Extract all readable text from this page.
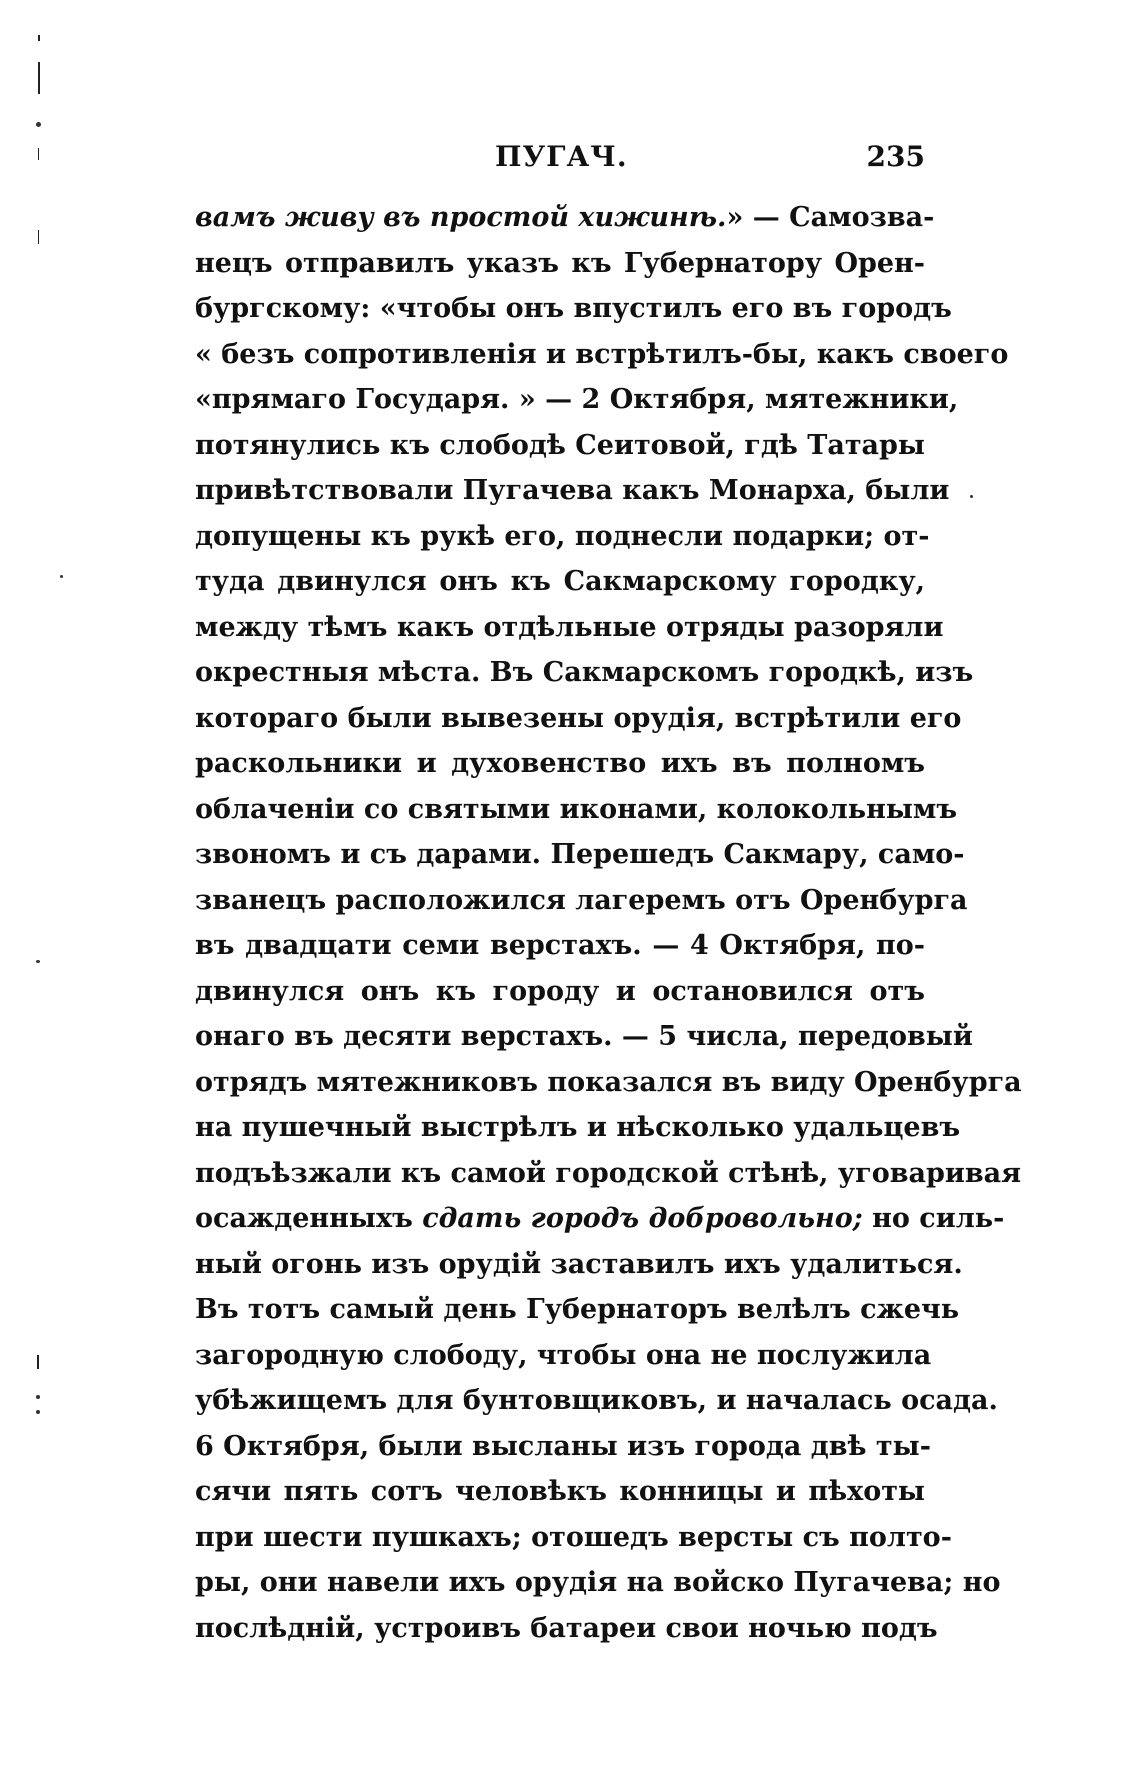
ПУГАЧ.	235
вамъ живу въ простой хижинѣ.» — Самозва-
нецъ отправилъ указъ къ Губернатору Орен-
бургскому: «чтобы онъ впустилъ его въ городъ
« безъ сопротивленія и встрѣтилъ-бы, какъ своего
«прямаго Государя. » — 2 Октября, мятежники,
потянулись къ слободѣ Сеитовой, гдѣ Татары
привѣтствовали Пугачева какъ Монарха, были
допущены къ рукѣ его, поднесли подарки; от-
туда двинулся онъ къ Сакмарскому городку,
между тѣмъ какъ отдѣльные отряды разоряли
окрестныя мѣста. Въ Сакмарскомъ городкѣ, изъ
котораго были вывезены орудія, встрѣтили его
раскольники и духовенство ихъ въ полномъ
облаченіи со святыми иконами, колокольнымъ
звономъ и съ дарами. Перешедъ Сакмару, само-
званецъ расположился лагеремъ отъ Оренбурга
въ двадцати семи верстахъ. — 4 Октября, по-
двинулся онъ къ городу и остановился отъ
онаго въ десяти верстахъ. — 5 числа, передовый
отрядъ мятежниковъ показался въ виду Оренбурга
на пушечный выстрѣлъ и нѣсколько удальцевъ
подъѣзжали къ самой городской стѣнѣ, уговаривая
осажденныхъ сдать городъ добровольно; но силь-
ный огонь изъ орудій заставилъ ихъ удалиться.
Въ тотъ самый день Губернаторъ велѣлъ сжечь
загородную слободу, чтобы она не послужила
убѣжищемъ для бунтовщиковъ, и началась осада.
6 Октября, были высланы изъ города двѣ ты-
сячи пять сотъ человѣкъ конницы и пѣхоты
при шести пушкахъ; отошедъ версты съ полто-
ры, они навели ихъ орудія на войско Пугачева; но
послѣдній, устроивъ батареи свои ночью подъ
